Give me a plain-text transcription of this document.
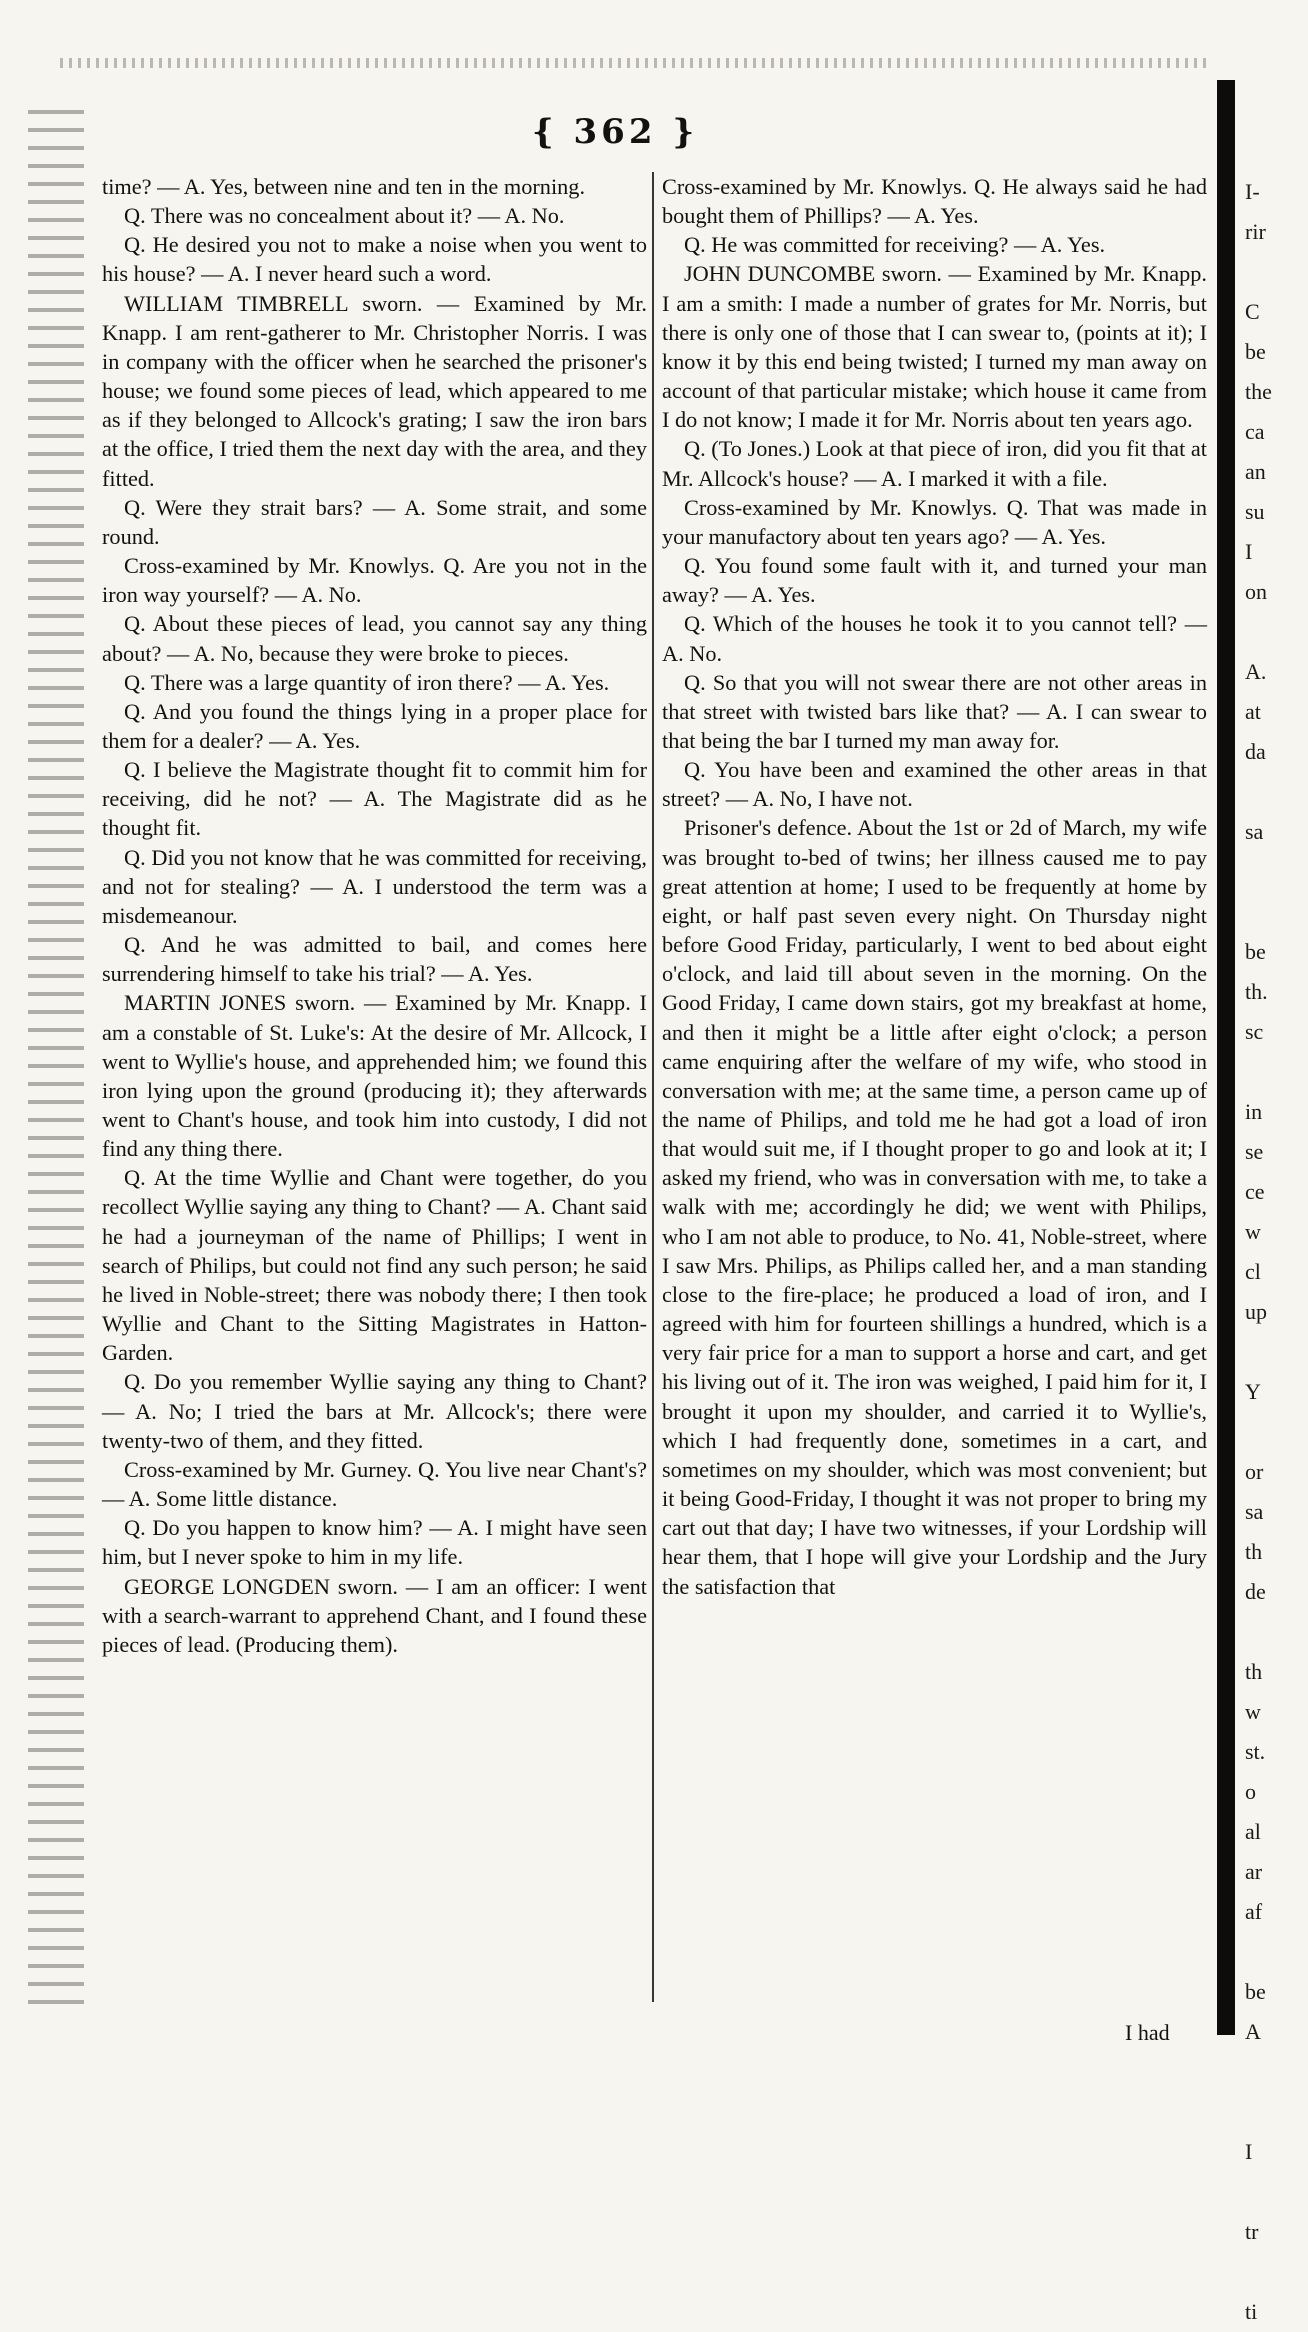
{ 362 }

time? — A. Yes, between nine and ten in the morning.

Q. There was no concealment about it? — A. No.

Q. He desired you not to make a noise when you went to his house? — A. I never heard such a word.

WILLIAM TIMBRELL sworn. — Examined by Mr. Knapp. I am rent-gatherer to Mr. Christopher Norris. I was in company with the officer when he searched the prisoner's house; we found some pieces of lead, which appeared to me as if they belonged to Allcock's grating; I saw the iron bars at the office, I tried them the next day with the area, and they fitted.

Q. Were they strait bars? — A. Some strait, and some round.

Cross-examined by Mr. Knowlys. Q. Are you not in the iron way yourself? — A. No.

Q. About these pieces of lead, you cannot say any thing about? — A. No, because they were broke to pieces.

Q. There was a large quantity of iron there? — A. Yes.

Q. And you found the things lying in a proper place for them for a dealer? — A. Yes.

Q. I believe the Magistrate thought fit to commit him for receiving, did he not? — A. The Magistrate did as he thought fit.

Q. Did you not know that he was committed for receiving, and not for stealing? — A. I understood the term was a misdemeanour.

Q. And he was admitted to bail, and comes here surrendering himself to take his trial? — A. Yes.

MARTIN JONES sworn. — Examined by Mr. Knapp. I am a constable of St. Luke's: At the desire of Mr. Allcock, I went to Wyllie's house, and apprehended him; we found this iron lying upon the ground (producing it); they afterwards went to Chant's house, and took him into custody, I did not find any thing there.

Q. At the time Wyllie and Chant were together, do you recollect Wyllie saying any thing to Chant? — A. Chant said he had a journeyman of the name of Phillips; I went in search of Philips, but could not find any such person; he said he lived in Noble-street; there was nobody there; I then took Wyllie and Chant to the Sitting Magistrates in Hatton-Garden.

Q. Do you remember Wyllie saying any thing to Chant? — A. No; I tried the bars at Mr. Allcock's; there were twenty-two of them, and they fitted.

Cross-examined by Mr. Gurney. Q. You live near Chant's? — A. Some little distance.

Q. Do you happen to know him? — A. I might have seen him, but I never spoke to him in my life.

GEORGE LONGDEN sworn. — I am an officer: I went with a search-warrant to apprehend Chant, and I found these pieces of lead. (Producing them).

Cross-examined by Mr. Knowlys. Q. He always said he had bought them of Phillips? — A. Yes.

Q. He was committed for receiving? — A. Yes.

JOHN DUNCOMBE sworn. — Examined by Mr. Knapp. I am a smith: I made a number of grates for Mr. Norris, but there is only one of those that I can swear to, (points at it); I know it by this end being twisted; I turned my man away on account of that particular mistake; which house it came from I do not know; I made it for Mr. Norris about ten years ago.

Q. (To Jones.) Look at that piece of iron, did you fit that at Mr. Allcock's house? — A. I marked it with a file.

Cross-examined by Mr. Knowlys. Q. That was made in your manufactory about ten years ago? — A. Yes.

Q. You found some fault with it, and turned your man away? — A. Yes.

Q. Which of the houses he took it to you cannot tell? — A. No.

Q. So that you will not swear there are not other areas in that street with twisted bars like that? — A. I can swear to that being the bar I turned my man away for.

Q. You have been and examined the other areas in that street? — A. No, I have not.

Prisoner's defence. About the 1st or 2d of March, my wife was brought to-bed of twins; her illness caused me to pay great attention at home; I used to be frequently at home by eight, or half past seven every night. On Thursday night before Good Friday, particularly, I went to bed about eight o'clock, and laid till about seven in the morning. On the Good Friday, I came down stairs, got my breakfast at home, and then it might be a little after eight o'clock; a person came enquiring after the welfare of my wife, who stood in conversation with me; at the same time, a person came up of the name of Philips, and told me he had got a load of iron that would suit me, if I thought proper to go and look at it; I asked my friend, who was in conversation with me, to take a walk with me; accordingly he did; we went with Philips, who I am not able to produce, to No. 41, Noble-street, where I saw Mrs. Philips, as Philips called her, and a man standing close to the fire-place; he produced a load of iron, and I agreed with him for fourteen shillings a hundred, which is a very fair price for a man to support a horse and cart, and get his living out of it. The iron was weighed, I paid him for it, I brought it upon my shoulder, and carried it to Wyllie's, which I had frequently done, sometimes in a cart, and sometimes on my shoulder, which was most convenient; but it being Good-Friday, I thought it was not proper to bring my cart out that day; I have two witnesses, if your Lordship will hear them, that I hope will give your Lordship and the Jury the satisfaction that

I-
rir
C
be
the
ca
an
su
I
on
A.
at
da
sa
be
th.
sc
in
se
ce
w
cl
up
Y
or
sa
th
de
th
w
st.
o
al
ar
af
be
A
I
tr
ti
I had
